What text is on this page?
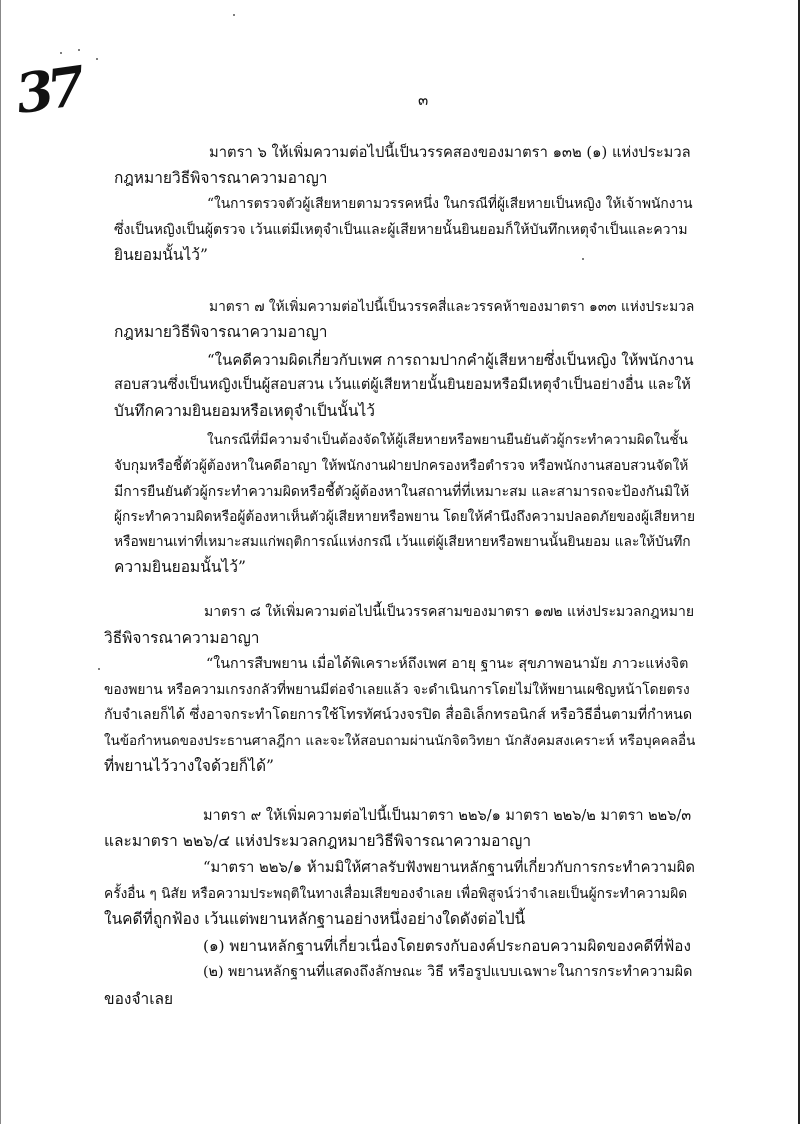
37	๓
มาตรา ๖ ให้เพิ่มความต่อไปนี้เป็นวรรคสองของมาตรา ๑๓๒ (๑) แห่งประมวล
กฎหมายวิธีพิจารณาความอาญา
“ในการตรวจตัวผู้เสียหายตามวรรคหนึ่ง ในกรณีที่ผู้เสียหายเป็นหญิง ให้เจ้าพนักงาน
ซึ่งเป็นหญิงเป็นผู้ตรวจ เว้นแต่มีเหตุจำเป็นและผู้เสียหายนั้นยินยอมก็ให้บันทึกเหตุจำเป็นและความ
ยินยอมนั้นไว้”
มาตรา ๗ ให้เพิ่มความต่อไปนี้เป็นวรรคสี่และวรรคห้าของมาตรา ๑๓๓ แห่งประมวล
กฎหมายวิธีพิจารณาความอาญา
“ในคดีความผิดเกี่ยวกับเพศ การถามปากคำผู้เสียหายซึ่งเป็นหญิง ให้พนักงาน
สอบสวนซึ่งเป็นหญิงเป็นผู้สอบสวน เว้นแต่ผู้เสียหายนั้นยินยอมหรือมีเหตุจำเป็นอย่างอื่น และให้
บันทึกความยินยอมหรือเหตุจำเป็นนั้นไว้
ในกรณีที่มีความจำเป็นต้องจัดให้ผู้เสียหายหรือพยานยืนยันตัวผู้กระทำความผิดในชั้น
จับกุมหรือชี้ตัวผู้ต้องหาในคดีอาญา ให้พนักงานฝ่ายปกครองหรือตำรวจ หรือพนักงานสอบสวนจัดให้
มีการยืนยันตัวผู้กระทำความผิดหรือชี้ตัวผู้ต้องหาในสถานที่ที่เหมาะสม และสามารถจะป้องกันมิให้
ผู้กระทำความผิดหรือผู้ต้องหาเห็นตัวผู้เสียหายหรือพยาน โดยให้คำนึงถึงความปลอดภัยของผู้เสียหาย
หรือพยานเท่าที่เหมาะสมแก่พฤติการณ์แห่งกรณี เว้นแต่ผู้เสียหายหรือพยานนั้นยินยอม และให้บันทึก
ความยินยอมนั้นไว้”
มาตรา ๘ ให้เพิ่มความต่อไปนี้เป็นวรรคสามของมาตรา ๑๗๒ แห่งประมวลกฎหมาย
วิธีพิจารณาความอาญา
“ในการสืบพยาน เมื่อได้พิเคราะห์ถึงเพศ อายุ ฐานะ สุขภาพอนามัย ภาวะแห่งจิต
ของพยาน หรือความเกรงกลัวที่พยานมีต่อจำเลยแล้ว จะดำเนินการโดยไม่ให้พยานเผชิญหน้าโดยตรง
กับจำเลยก็ได้ ซึ่งอาจกระทำโดยการใช้โทรทัศน์วงจรปิด สื่ออิเล็กทรอนิกส์ หรือวิธีอื่นตามที่กำหนด
ในข้อกำหนดของประธานศาลฎีกา และจะให้สอบถามผ่านนักจิตวิทยา นักสังคมสงเคราะห์ หรือบุคคลอื่น
ที่พยานไว้วางใจด้วยก็ได้”
มาตรา ๙ ให้เพิ่มความต่อไปนี้เป็นมาตรา ๒๒๖/๑ มาตรา ๒๒๖/๒ มาตรา ๒๒๖/๓
และมาตรา ๒๒๖/๔ แห่งประมวลกฎหมายวิธีพิจารณาความอาญา
“มาตรา ๒๒๖/๑ ห้ามมิให้ศาลรับฟังพยานหลักฐานที่เกี่ยวกับการกระทำความผิด
ครั้งอื่น ๆ นิสัย หรือความประพฤติในทางเสื่อมเสียของจำเลย เพื่อพิสูจน์ว่าจำเลยเป็นผู้กระทำความผิด
ในคดีที่ถูกฟ้อง เว้นแต่พยานหลักฐานอย่างหนึ่งอย่างใดดังต่อไปนี้
(๑) พยานหลักฐานที่เกี่ยวเนื่องโดยตรงกับองค์ประกอบความผิดของคดีที่ฟ้อง
(๒) พยานหลักฐานที่แสดงถึงลักษณะ วิธี หรือรูปแบบเฉพาะในการกระทำความผิด
ของจำเลย
